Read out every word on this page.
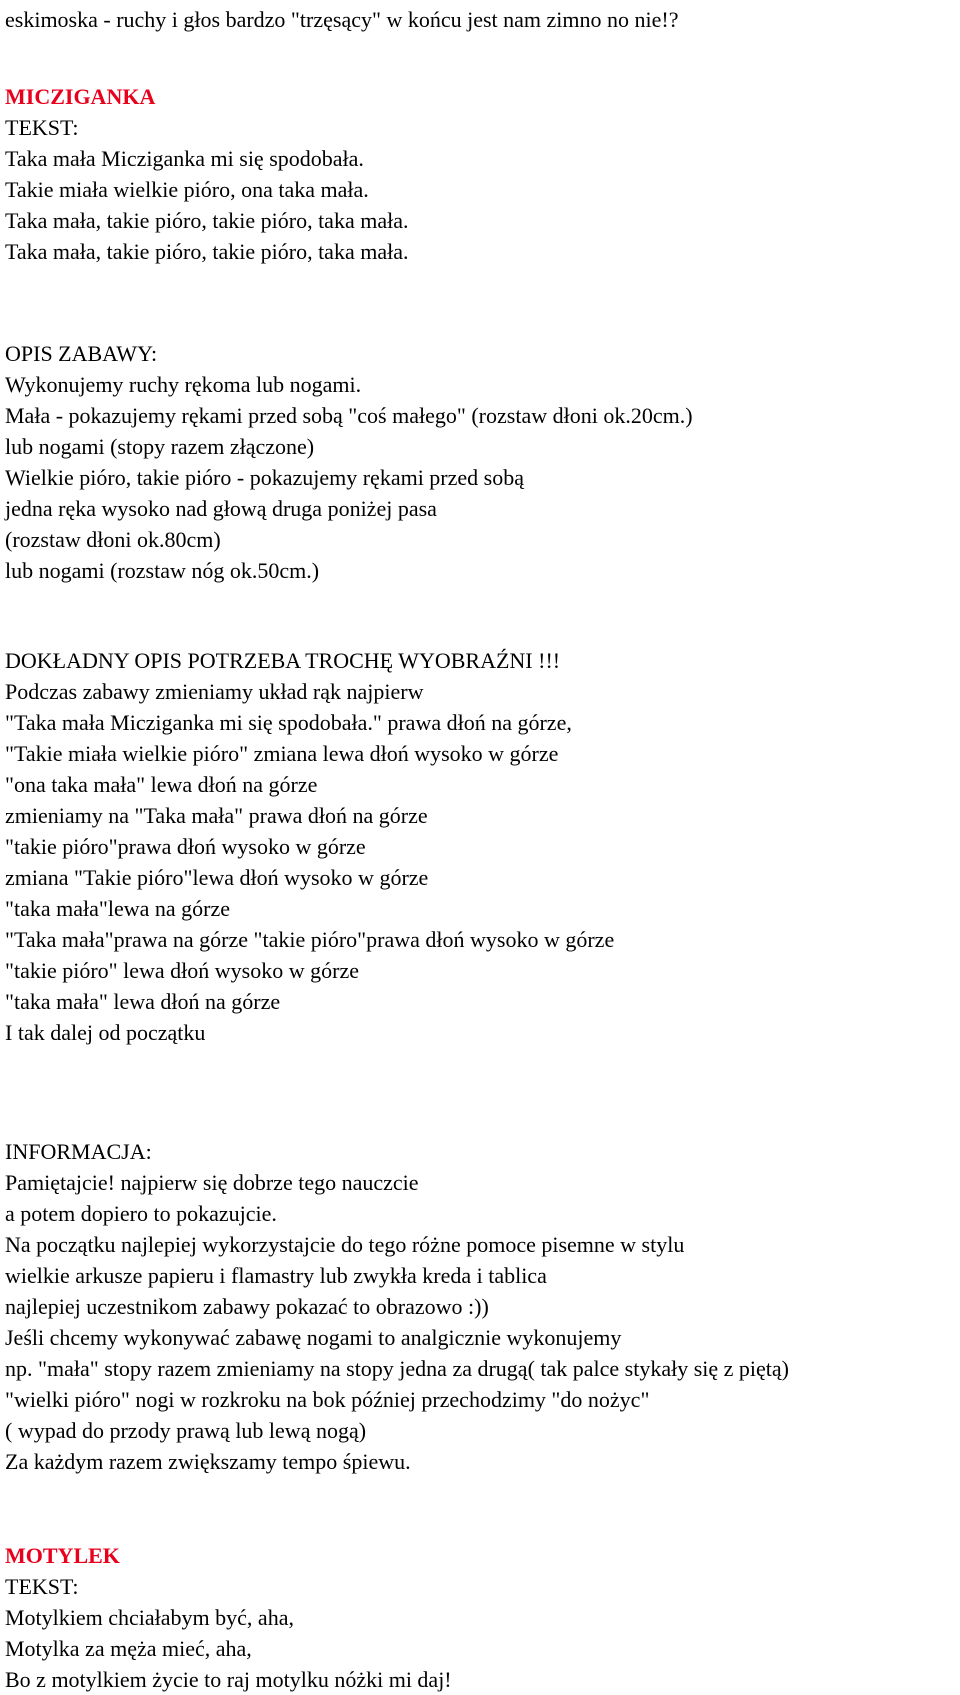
eskimoska - ruchy i głos bardzo "trzęsący" w końcu jest nam zimno no nie!?
MICZIGANKA
TEKST:
Taka mała Micziganka mi się spodobała.
Takie miała wielkie pióro, ona taka mała.
Taka mała, takie pióro, takie pióro, taka mała.
Taka mała, takie pióro, takie pióro, taka mała.
OPIS ZABAWY:
Wykonujemy ruchy rękoma lub nogami.
Mała - pokazujemy rękami przed sobą "coś małego" (rozstaw dłoni ok.20cm.)
lub nogami (stopy razem złączone)
Wielkie pióro, takie pióro - pokazujemy rękami przed sobą
jedna ręka wysoko nad głową druga poniżej pasa
(rozstaw dłoni ok.80cm)
lub nogami (rozstaw nóg ok.50cm.)
DOKŁADNY OPIS POTRZEBA TROCHĘ WYOBRAŹNI !!!
Podczas zabawy zmieniamy układ rąk najpierw
"Taka mała Micziganka mi się spodobała." prawa dłoń na górze,
"Takie miała wielkie pióro" zmiana lewa dłoń wysoko w górze
"ona taka mała" lewa dłoń na górze
zmieniamy na "Taka mała" prawa dłoń na górze
"takie pióro"prawa dłoń wysoko w górze
zmiana "Takie pióro"lewa dłoń wysoko w górze
"taka mała"lewa na górze
"Taka mała"prawa na górze "takie pióro"prawa dłoń wysoko w górze
"takie pióro" lewa dłoń wysoko w górze
"taka mała" lewa dłoń na górze
I tak dalej od początku
INFORMACJA:
Pamiętajcie! najpierw się dobrze tego nauczcie
a potem dopiero to pokazujcie.
Na początku najlepiej wykorzystajcie do tego różne pomoce pisemne w stylu
wielkie arkusze papieru i flamastry lub zwykła kreda i tablica
najlepiej uczestnikom zabawy pokazać to obrazowo :))
Jeśli chcemy wykonywać zabawę nogami to analgicznie wykonujemy
np. "mała" stopy razem zmieniamy na stopy jedna za drugą( tak palce stykały się z piętą)
"wielki pióro" nogi w rozkroku na bok później przechodzimy "do nożyc"
( wypad do przody prawą lub lewą nogą)
Za każdym razem zwiększamy tempo śpiewu.
MOTYLEK
TEKST:
Motylkiem chciałabym być, aha,
Motylka za męża mieć, aha,
Bo z motylkiem życie to raj motylku nóżki mi daj!
